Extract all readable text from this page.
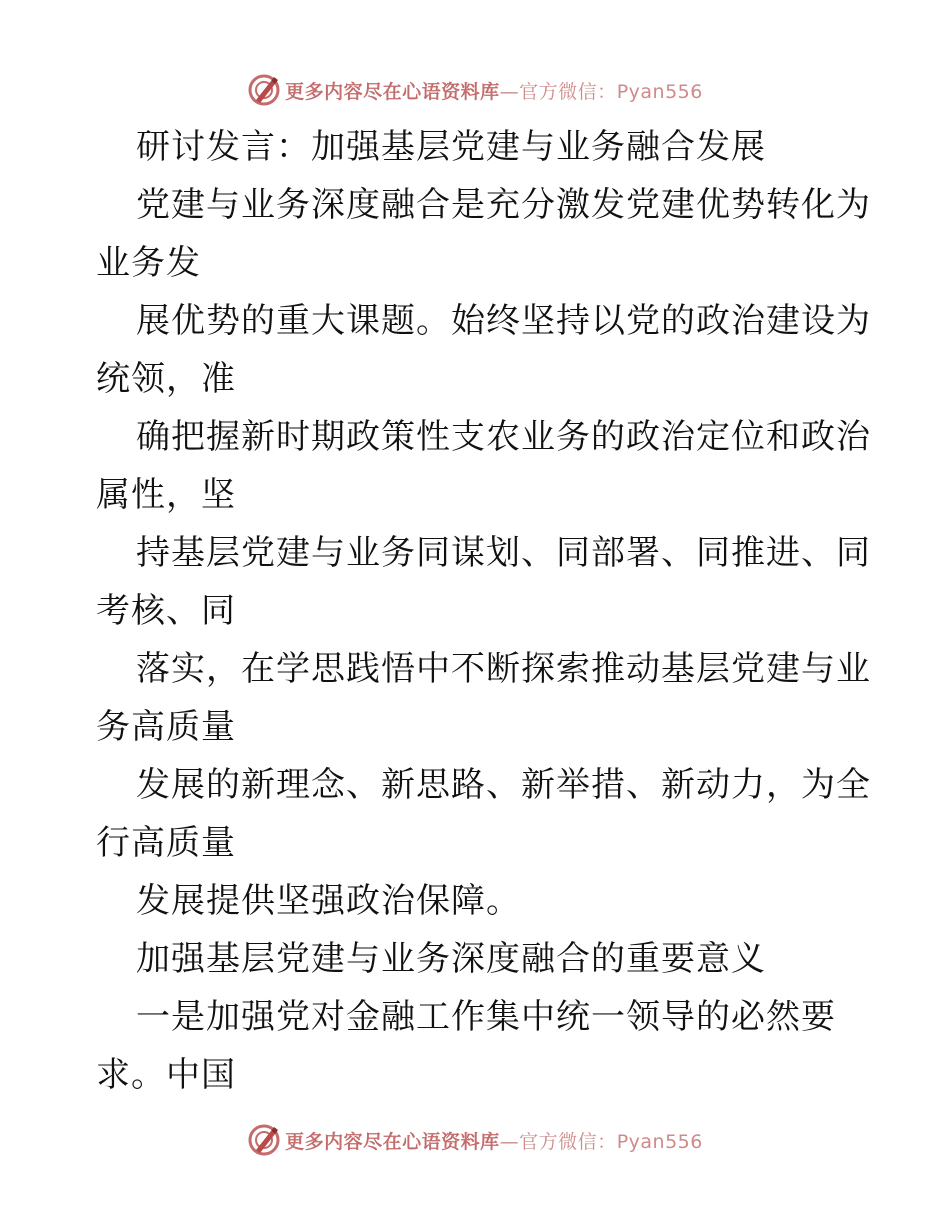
更多内容尽在心语资料库—官方微信：Pyan556
研讨发言：加强基层党建与业务融合发展
党建与业务深度融合是充分激发党建优势转化为
业务发
展优势的重大课题。始终坚持以党的政治建设为
统领，准
确把握新时期政策性支农业务的政治定位和政治
属性，坚
持基层党建与业务同谋划、同部署、同推进、同
考核、同
落实，在学思践悟中不断探索推动基层党建与业
务高质量
发展的新理念、新思路、新举措、新动力，为全
行高质量
发展提供坚强政治保障。
加强基层党建与业务深度融合的重要意义
一是加强党对金融工作集中统一领导的必然要
求。中国
更多内容尽在心语资料库—官方微信：Pyan556
